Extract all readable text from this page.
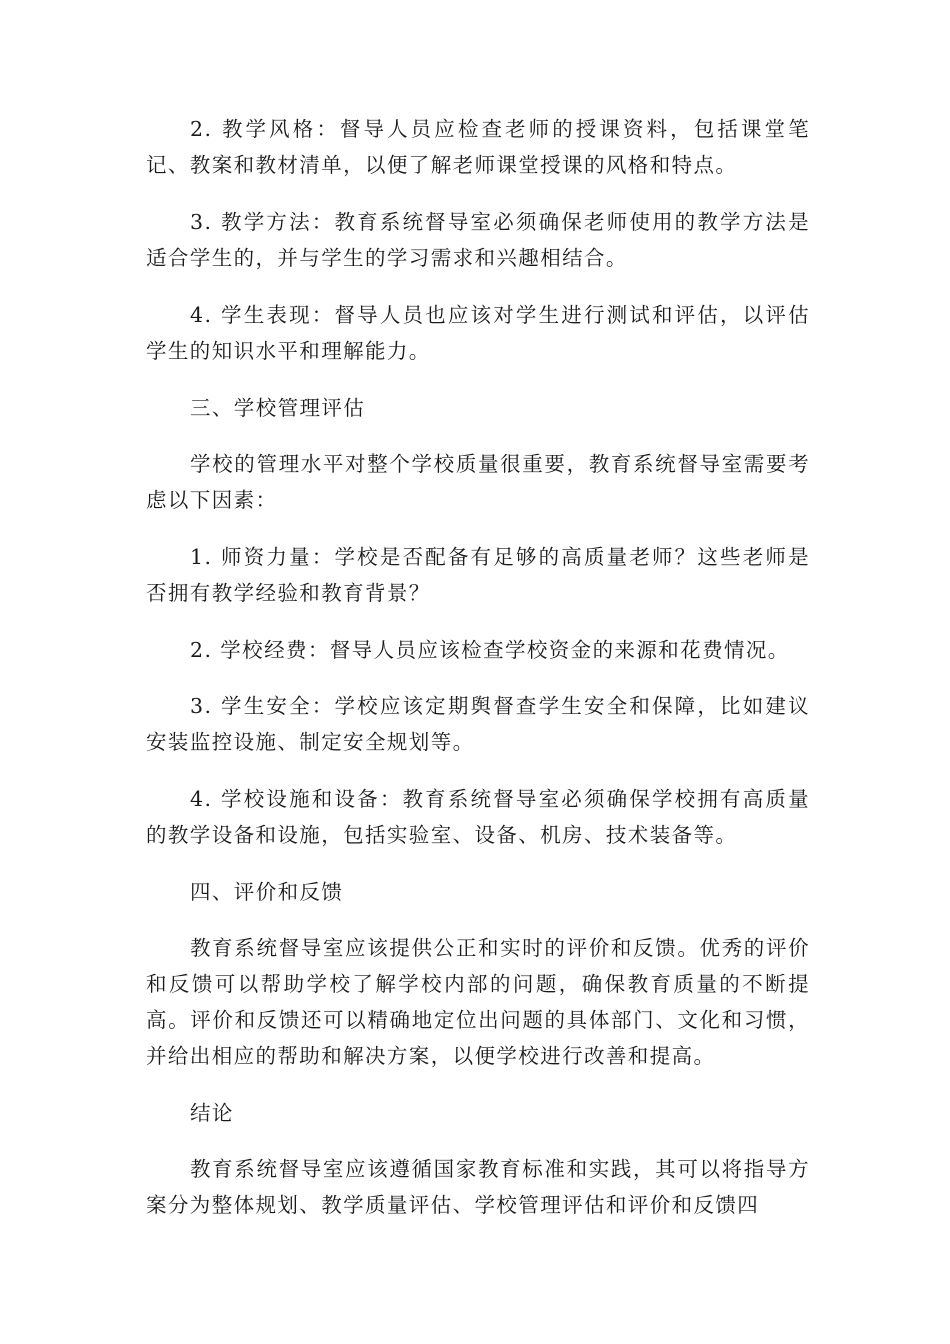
2. 教学风格：督导人员应检查老师的授课资料，包括课堂笔记、教案和教材清单，以便了解老师课堂授课的风格和特点。

3. 教学方法：教育系统督导室必须确保老师使用的教学方法是适合学生的，并与学生的学习需求和兴趣相结合。

4. 学生表现：督导人员也应该对学生进行测试和评估，以评估学生的知识水平和理解能力。

三、学校管理评估

学校的管理水平对整个学校质量很重要，教育系统督导室需要考虑以下因素：

1. 师资力量：学校是否配备有足够的高质量老师？这些老师是否拥有教学经验和教育背景？

2. 学校经费：督导人员应该检查学校资金的来源和花费情况。

3. 学生安全：学校应该定期舆督查学生安全和保障，比如建议安装监控设施、制定安全规划等。

4. 学校设施和设备：教育系统督导室必须确保学校拥有高质量的教学设备和设施，包括实验室、设备、机房、技术装备等。

四、评价和反馈

教育系统督导室应该提供公正和实时的评价和反馈。优秀的评价和反馈可以帮助学校了解学校内部的问题，确保教育质量的不断提高。评价和反馈还可以精确地定位出问题的具体部门、文化和习惯，并给出相应的帮助和解决方案，以便学校进行改善和提高。

结论

教育系统督导室应该遵循国家教育标准和实践，其可以将指导方案分为整体规划、教学质量评估、学校管理评估和评价和反馈四
